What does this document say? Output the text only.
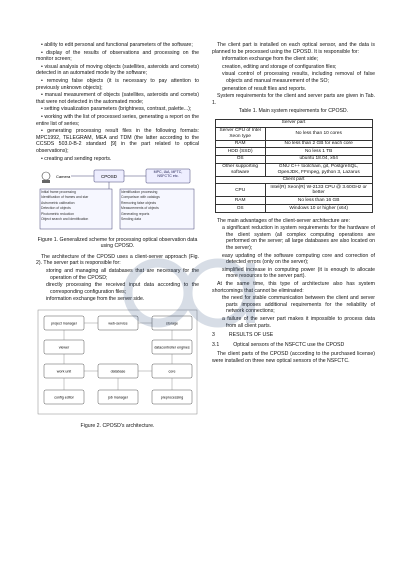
• ability to edit personal and functional parameters of the software;

• display of the results of observations and processing on the monitor screen;

• visual analysis of moving objects (satellites, asteroids and comets) detected in an automated mode by the software;

• removing false objects (it is necessary to pay attention to previously unknown objects);

• manual measurement of objects (satellites, asteroids and comets) that were not detected in the automated mode;

• setting visualization parameters (brightness, contrast, palette...);

• working with the list of processed series, generating a report on the entire list of series;

• generating processing result files in the following formats: MPC1992, TELEGRAM, MEA and TDM (the latter according to the CCSDS 503.0-B-2 standard [9] in the part related to optical observations);

• creating and sending reports.

Camera	CPOSD
MPC, IAA, MFTC, NSFCTC etc.

Initial frame processing

Identification of frames and star

Astrometric calibration

Detection of objects

Photometric reduction

Object search and identification

Identification processing

Comparison with catalogs

Removing false objects

Measurements of objects

Generating reports

Sending data

Figure 1. Generalized scheme for processing optical observation data using CPOSD.

The architecture of the CPOSD uses a client-server approach (Fig. 2). The server part is responsible for:

storing and managing all databases that are necessary for the operation of the CPOSD;

directly processing the received input data according to the corresponding configuration files;

information exchange from the server side.

project manager	web-service	storage
viewer
work unit	database	core
config editor	job manager	preprocessing
datacontroller engines

Figure 2. CPOSD's architecture.

The client part is installed on each optical sensor, and the data is planned to be processed using the CPOSD. It is responsible for:

information exchange from the client side;

creation, editing and storage of configuration files;

visual control of processing results, including removal of false objects and manual measurement of the SO;

generation of result files and reports.

System requirements for the client and server parts are given in Tab. 1.

Table 1. Main system requirements for CPOSD.

Server part	
Server CPU of Intel Xeon type	No less than 10 cores
RAM	No less than 2 GB for each core
HDD (SSD)	No less 1 TB
OS	ubuntu 18.04, x64
Other supporting software	GNU C++ toolchain, git, PostgreSQL, OpenJDK, FFmpeg, python 3, Lazarus
Client part	
CPU	Intel(R) Xeon(R) W-2133 CPU @ 3.60GHz or better
RAM	No less than 16 GB
OS	Windows 10 or higher (x64)

The main advantages of the client-server architecture are:

a significant reduction in system requirements for the hardware of the client system (all complex computing operations are performed on the server; all large databases are also located on the server);

easy updating of the software computing core and correction of detected errors (only on the server);

simplified increase in computing power (it is enough to allocate more resources to the server part).

At the same time, this type of architecture also has system shortcomings that cannot be eliminated:

the need for stable communication between the client and server parts imposes additional requirements for the reliability of network connections;

a failure of the server part makes it impossible to process data from all client parts.

3	RESULTS OF USE
3.1	Optical sensors of the NSFCTC use the CPOSD

The client parts of the CPOSD (according to the purchased license) were installed on three new optical sensors of the NSFCTC.
